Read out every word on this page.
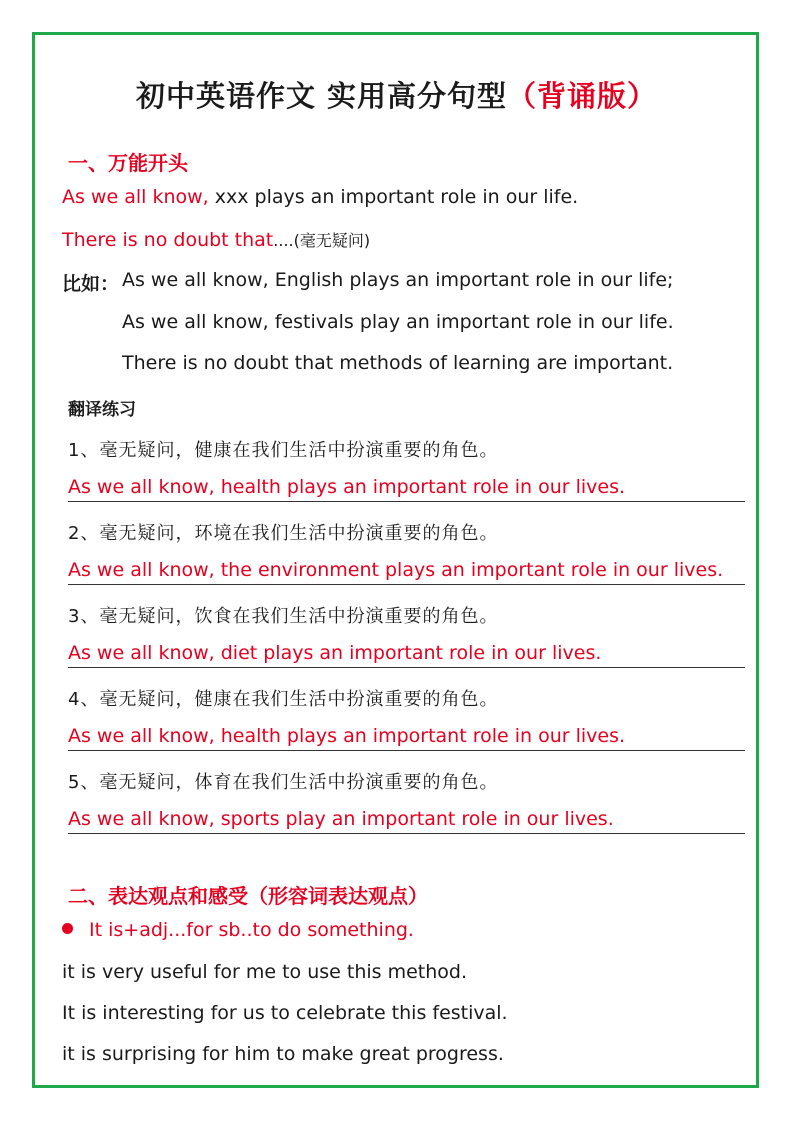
初中英语作文 实用高分句型（背诵版）
一、万能开头
As we all know, xxx plays an important role in our life.
There is no doubt that....(毫无疑问)
比如： As we all know, English plays an important role in our life;
As we all know, festivals play an important role in our life.
There is no doubt that methods of learning are important.
翻译练习
1、毫无疑问，健康在我们生活中扮演重要的角色。
As we all know, health plays an important role in our lives.
2、毫无疑问，环境在我们生活中扮演重要的角色。
As we all know, the environment plays an important role in our lives.
3、毫无疑问，饮食在我们生活中扮演重要的角色。
As we all know, diet plays an important role in our lives.
4、毫无疑问，健康在我们生活中扮演重要的角色。
As we all know, health plays an important role in our lives.
5、毫无疑问，体育在我们生活中扮演重要的角色。
As we all know, sports play an important role in our lives.
二、表达观点和感受（形容词表达观点）
It is+adj...for sb..to do something.
it is very useful for me to use this method.
It is interesting for us to celebrate this festival.
it is surprising for him to make great progress.
